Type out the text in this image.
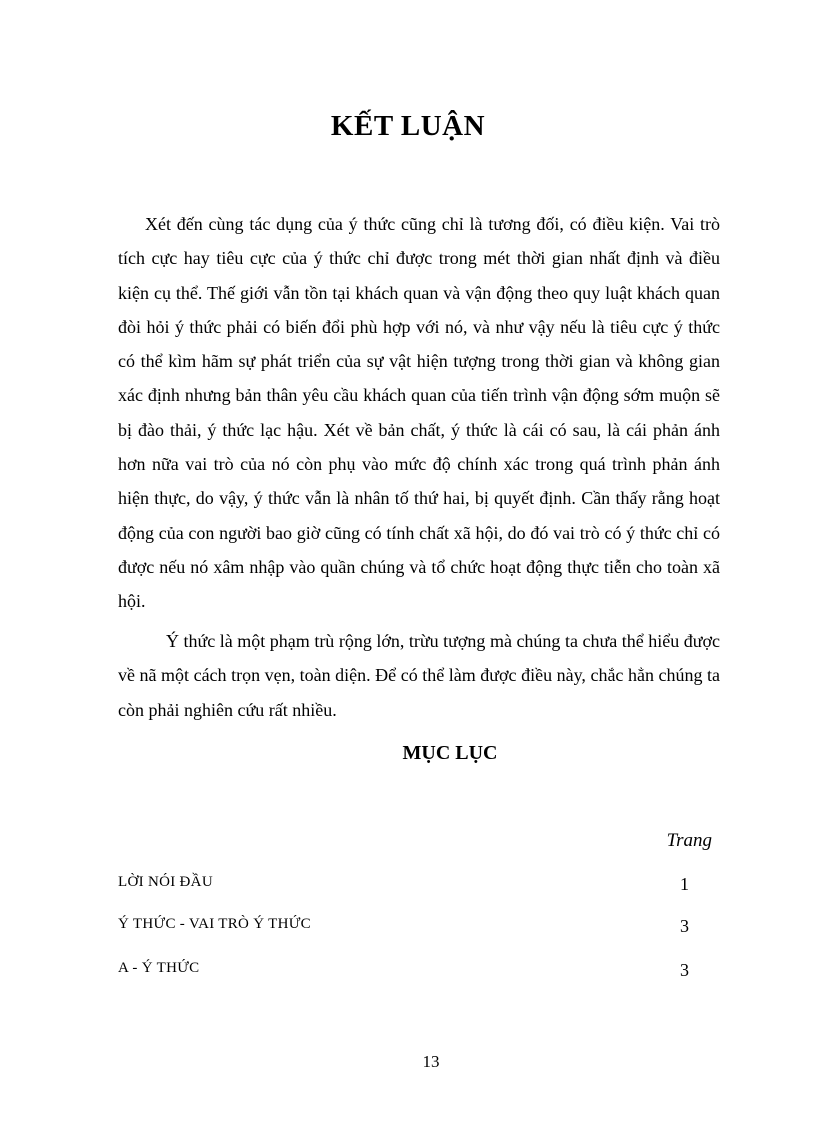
KẾT LUẬN

Xét đến cùng tác dụng của ý thức cũng chỉ là tương đối, có điều kiện. Vai trò tích cực hay tiêu cực của ý thức chỉ được trong mét thời gian nhất định và điều kiện cụ thể. Thế giới vẫn tồn tại khách quan và vận động theo quy luật khách quan đòi hỏi ý thức phải có biến đổi phù hợp với nó, và như vậy nếu là tiêu cực ý thức có thể kìm hãm sự phát triển của sự vật hiện tượng trong thời gian và không gian xác định nhưng bản thân yêu cầu khách quan của tiến trình vận động sớm muộn sẽ bị đào thải, ý thức lạc hậu. Xét về bản chất, ý thức là cái có sau, là cái phản ánh hơn nữa vai trò của nó còn phụ vào mức độ chính xác trong quá trình phản ánh hiện thực, do vậy, ý thức vẫn là nhân tố thứ hai, bị quyết định. Cần thấy rằng hoạt động của con người bao giờ cũng có tính chất xã hội, do đó vai trò có ý thức chỉ có được nếu nó xâm nhập vào quần chúng và tổ chức hoạt động thực tiễn cho toàn xã hội.

Ý thức là một phạm trù rộng lớn, trừu tượng mà chúng ta chưa thể hiểu được về nã một cách trọn vẹn, toàn diện. Để có thể làm được điều này, chắc hẳn chúng ta còn phải nghiên cứu rất nhiều.

MỤC LỤC
Trang
LỜI NÓI ĐẦU	1
Ý THỨC - VAI TRÒ Ý THỨC	3
A - Ý THỨC	3
13
